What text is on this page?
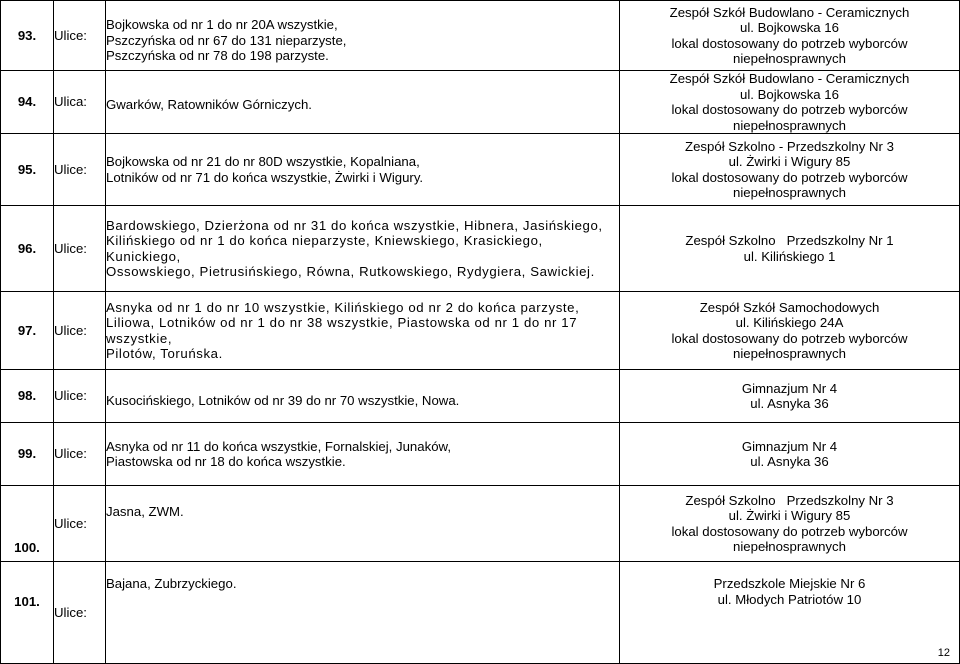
93.	Ulice:	Bojkowska od nr 1 do nr 20A wszystkie,
Pszczyńska od nr 67 do 131 nieparzyste,
Pszczyńska od nr 78 do 198 parzyste.	Zespół Szkół Budowlano - Ceramicznych
ul. Bojkowska 16
lokal dostosowany do potrzeb wyborców
niepełnosprawnych

94.	Ulica:	Gwarków, Ratowników Górniczych.	Zespół Szkół Budowlano - Ceramicznych
ul. Bojkowska 16
lokal dostosowany do potrzeb wyborców
niepełnosprawnych

95.	Ulice:	Bojkowska od nr 21 do nr 80D wszystkie, Kopalniana,
Lotników od nr 71 do końca wszystkie, Żwirki i Wigury.	Zespół Szkolno - Przedszkolny Nr 3
ul. Żwirki i Wigury 85
lokal dostosowany do potrzeb wyborców
niepełnosprawnych

96.	Ulice:	Bardowskiego, Dzierżona od nr 31 do końca wszystkie, Hibnera, Jasińskiego,
Kilińskiego od nr 1 do końca nieparzyste, Kniewskiego, Krasickiego, Kunickiego,
Ossowskiego, Pietrusińskiego, Równa, Rutkowskiego, Rydygiera, Sawickiej.	Zespół Szkolno   Przedszkolny Nr 1
ul. Kilińskiego 1

97.	Ulice:	Asnyka od nr 1 do nr 10 wszystkie, Kilińskiego od nr 2 do końca parzyste,
Liliowa, Lotników od nr 1 do nr 38 wszystkie, Piastowska od nr 1 do nr 17 wszystkie,
Pilotów, Toruńska.	Zespół Szkół Samochodowych
ul. Kilińskiego 24A
lokal dostosowany do potrzeb wyborców
niepełnosprawnych

98.	Ulice:	Kusocińskiego, Lotników od nr 39 do nr 70 wszystkie, Nowa.	Gimnazjum Nr 4
ul. Asnyka 36

99.	Ulice:	Asnyka od nr 11 do końca wszystkie, Fornalskiej, Junaków,
Piastowska od nr 18 do końca wszystkie.	Gimnazjum Nr 4
ul. Asnyka 36

100.	Ulice:	Jasna, ZWM.	Zespół Szkolno   Przedszkolny Nr 3
ul. Żwirki i Wigury 85
lokal dostosowany do potrzeb wyborców
niepełnosprawnych

101.	Ulice:	Bajana, Zubrzyckiego.	Przedszkole Miejskie Nr 6
ul. Młodych Patriotów 10
12
